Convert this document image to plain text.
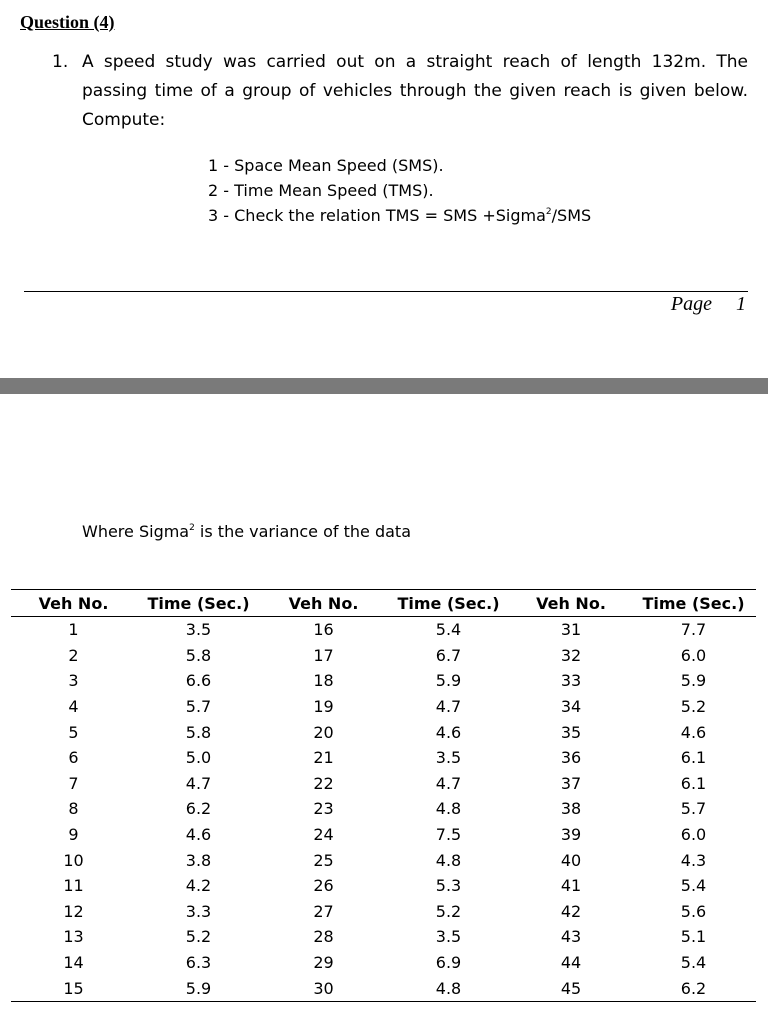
Question (4)
1. A speed study was carried out on a straight reach of length 132m. The
passing time of a group of vehicles through the given reach is given below.
Compute:
1 - Space Mean Speed (SMS).
2 - Time Mean Speed (TMS).
3 - Check the relation TMS = SMS +Sigma$^2$/SMS
Page 1
Where Sigma$^2$ is the variance of the data
Veh No.	Time (Sec.)	Veh No.	Time (Sec.)	Veh No.	Time (Sec.)
1	3.5	16	5.4	31	7.7
2	5.8	17	6.7	32	6.0
3	6.6	18	5.9	33	5.9
4	5.7	19	4.7	34	5.2
5	5.8	20	4.6	35	4.6
6	5.0	21	3.5	36	6.1
7	4.7	22	4.7	37	6.1
8	6.2	23	4.8	38	5.7
9	4.6	24	7.5	39	6.0
10	3.8	25	4.8	40	4.3
11	4.2	26	5.3	41	5.4
12	3.3	27	5.2	42	5.6
13	5.2	28	3.5	43	5.1
14	6.3	29	6.9	44	5.4
15	5.9	30	4.8	45	6.2
